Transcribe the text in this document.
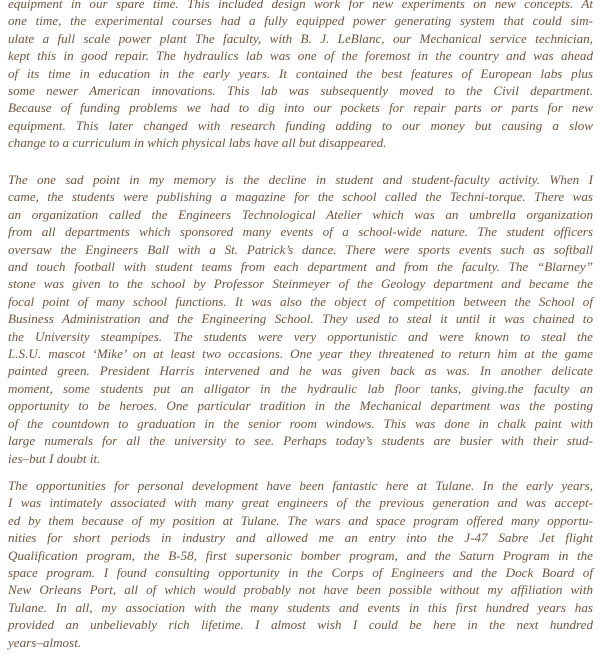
equipment in our spare time. This included design work for new experiments on new concepts. At
one time, the experimental courses had a fully equipped power generating system that could sim-
ulate a full scale power plant The faculty, with B. J. LeBlanc, our Mechanical service technician,
kept this in good repair. The hydraulics lab was one of the foremost in the country and was ahead
of its time in education in the early years. It contained the best features of European labs plus
some newer American innovations. This lab was subsequently moved to the Civil department.
Because of funding problems we had to dig into our pockets for repair parts or parts for new
equipment. This later changed with research funding adding to our money but causing a slow
change to a curriculum in which physical labs have all but disappeared.
The one sad point in my memory is the decline in student and student-faculty activity. When I
came, the students were publishing a magazine for the school called the Techni-torque. There was
an organization called the Engineers Technological Atelier which was an umbrella organization
from all departments which sponsored many events of a school-wide nature. The student officers
oversaw the Engineers Ball with a St. Patrick’s dance. There were sports events such as softball
and touch football with student teams from each department and from the faculty. The “Blarney”
stone was given to the school by Professor Steinmeyer of the Geology department and became the
focal point of many school functions. It was also the object of competition between the School of
Business Administration and the Engineering School. They used to steal it until it was chained to
the University steampipes. The students were very opportunistic and were known to steal the
L.S.U. mascot ‘Mike’ on at least two occasions. One year they threatened to return him at the game
painted green. President Harris intervened and he was given back as was. In another delicate
moment, some students put an alligator in the hydraulic lab floor tanks, giving.the faculty an
opportunity to be heroes. One particular tradition in the Mechanical department was the posting
of the countdown to graduation in the senior room windows. This was done in chalk paint with
large numerals for all the university to see. Perhaps today’s students are busier with their stud-
ies–but I doubt it.
The opportunities for personal development have been fantastic here at Tulane. In the early years,
I was intimately associated with many great engineers of the previous generation and was accept-
ed by them because of my position at Tulane. The wars and space program offered many opportu-
nities for short periods in industry and allowed me an entry into the J-47 Sabre Jet flight
Qualification program, the B-58, first supersonic bomber program, and the Saturn Program in the
space program. I found consulting opportunity in the Corps of Engineers and the Dock Board of
New Orleans Port, all of which would probably not have been possible without my affiliation with
Tulane. In all, my association with the many students and events in this first hundred years has
provided an unbelievably rich lifetime. I almost wish I could be here in the next hundred
years–almost.
